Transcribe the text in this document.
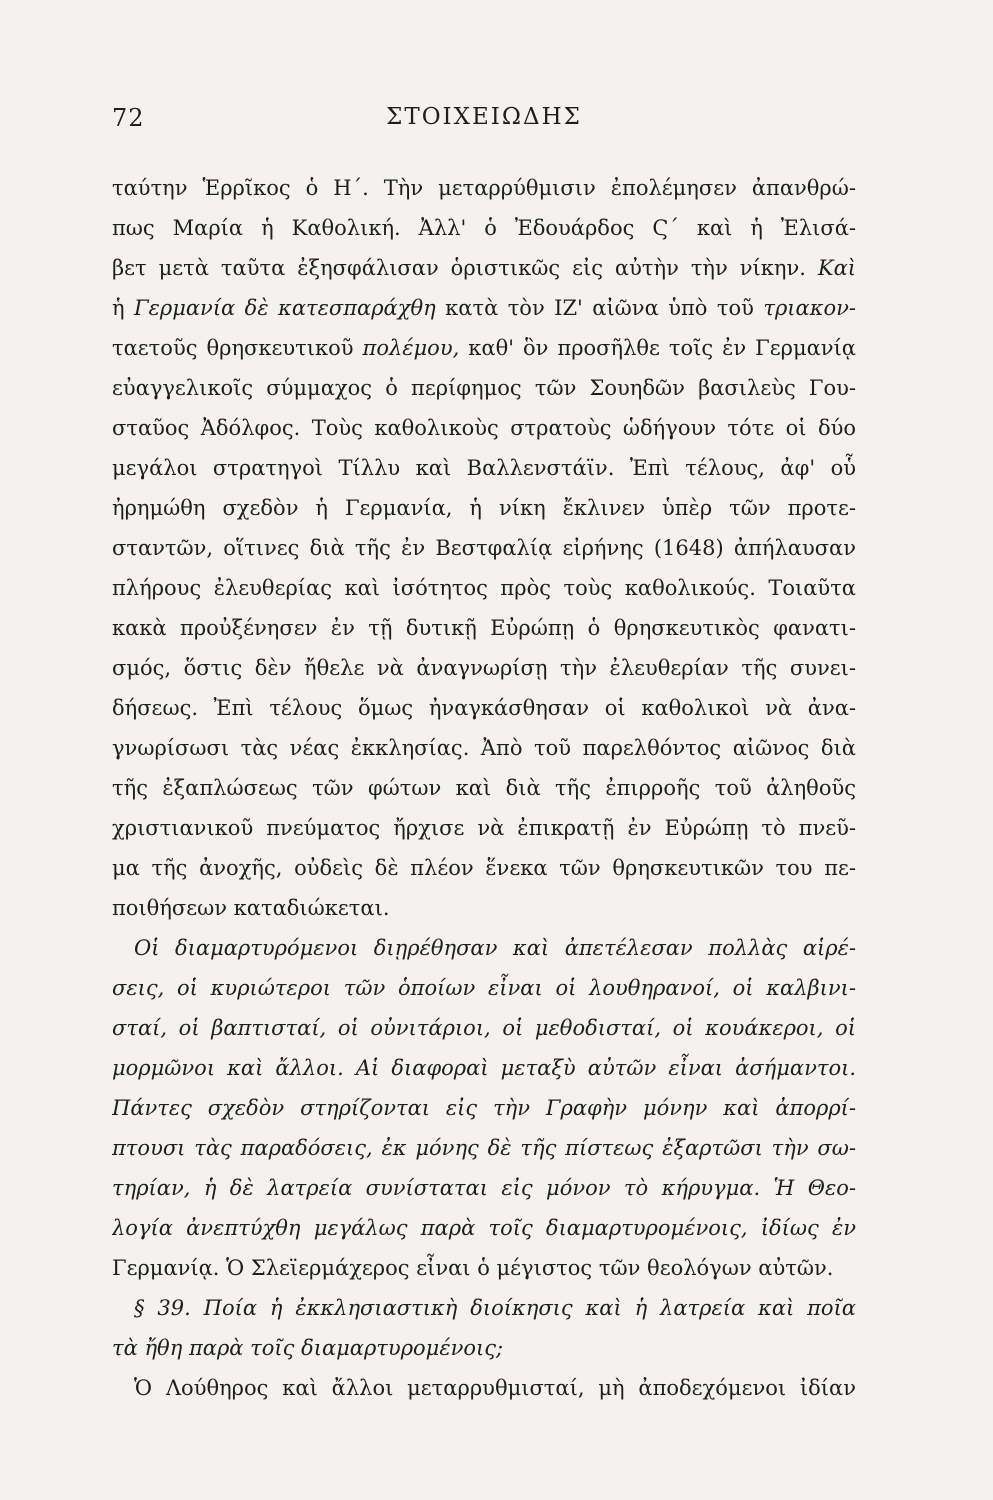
72	ΣΤΟΙΧΕΙΩΔΗΣ
ταύτην Ἑρρῖκος ὁ Η΄. Τὴν μεταρρύθμισιν ἐπολέμησεν ἀπανθρώ-
πως Μαρία ἡ Καθολική. Ἀλλ' ὁ Ἐδουάρδος Ϛ΄ καὶ ἡ Ἐλισά-
βετ μετὰ ταῦτα ἐξησφάλισαν ὁριστικῶς εἰς αὐτὴν τὴν νίκην. Καὶ
ἡ Γερμανία δὲ κατεσπαράχθη κατὰ τὸν ΙΖ' αἰῶνα ὑπὸ τοῦ τριακον-
ταετοῦς θρησκευτικοῦ πολέμου, καθ' ὃν προσῆλθε τοῖς ἐν Γερμανίᾳ
εὐαγγελικοῖς σύμμαχος ὁ περίφημος τῶν Σουηδῶν βασιλεὺς Γου-
σταῦος Ἀδόλφος. Τοὺς καθολικοὺς στρατοὺς ὡδήγουν τότε οἱ δύο
μεγάλοι στρατηγοὶ Τίλλυ καὶ Βαλλενστάϊν. Ἐπὶ τέλους, ἀφ' οὗ
ἠρημώθη σχεδὸν ἡ Γερμανία, ἡ νίκη ἔκλινεν ὑπὲρ τῶν προτε-
σταντῶν, οἵτινες διὰ τῆς ἐν Βεστφαλίᾳ εἰρήνης (1648) ἀπήλαυσαν
πλήρους ἐλευθερίας καὶ ἰσότητος πρὸς τοὺς καθολικούς. Τοιαῦτα
κακὰ προὐξένησεν ἐν τῇ δυτικῇ Εὐρώπῃ ὁ θρησκευτικὸς φανατι-
σμός, ὅστις δὲν ἤθελε νὰ ἀναγνωρίσῃ τὴν ἐλευθερίαν τῆς συνει-
δήσεως. Ἐπὶ τέλους ὅμως ἠναγκάσθησαν οἱ καθολικοὶ νὰ ἀνα-
γνωρίσωσι τὰς νέας ἐκκλησίας. Ἀπὸ τοῦ παρελθόντος αἰῶνος διὰ
τῆς ἐξαπλώσεως τῶν φώτων καὶ διὰ τῆς ἐπιρροῆς τοῦ ἀληθοῦς
χριστιανικοῦ πνεύματος ἤρχισε νὰ ἐπικρατῇ ἐν Εὐρώπῃ τὸ πνεῦ-
μα τῆς ἀνοχῆς, οὐδεὶς δὲ πλέον ἕνεκα τῶν θρησκευτικῶν του πε-
ποιθήσεων καταδιώκεται.
Οἱ διαμαρτυρόμενοι διῃρέθησαν καὶ ἀπετέλεσαν πολλὰς αἱρέ-
σεις, οἱ κυριώτεροι τῶν ὁποίων εἶναι οἱ λουθηρανοί, οἱ καλβινι-
σταί, οἱ βαπτισταί, οἱ οὐνιτάριοι, οἱ μεθοδισταί, οἱ κουάκεροι, οἱ
μορμῶνοι καὶ ἄλλοι. Αἱ διαφοραὶ μεταξὺ αὐτῶν εἶναι ἀσήμαντοι.
Πάντες σχεδὸν στηρίζονται εἰς τὴν Γραφὴν μόνην καὶ ἀπορρί-
πτουσι τὰς παραδόσεις, ἐκ μόνης δὲ τῆς πίστεως ἐξαρτῶσι τὴν σω-
τηρίαν, ἡ δὲ λατρεία συνίσταται εἰς μόνον τὸ κήρυγμα. Ἡ Θεο-
λογία ἀνεπτύχθη μεγάλως παρὰ τοῖς διαμαρτυρομένοις, ἰδίως ἐν
Γερμανίᾳ. Ὁ Σλεϊερμάχερος εἶναι ὁ μέγιστος τῶν θεολόγων αὐτῶν.
§ 39. Ποία ἡ ἐκκλησιαστικὴ διοίκησις καὶ ἡ λατρεία καὶ ποῖα
τὰ ἤθη παρὰ τοῖς διαμαρτυρομένοις;
Ὁ Λούθηρος καὶ ἄλλοι μεταρρυθμισταί, μὴ ἀποδεχόμενοι ἰδίαν
